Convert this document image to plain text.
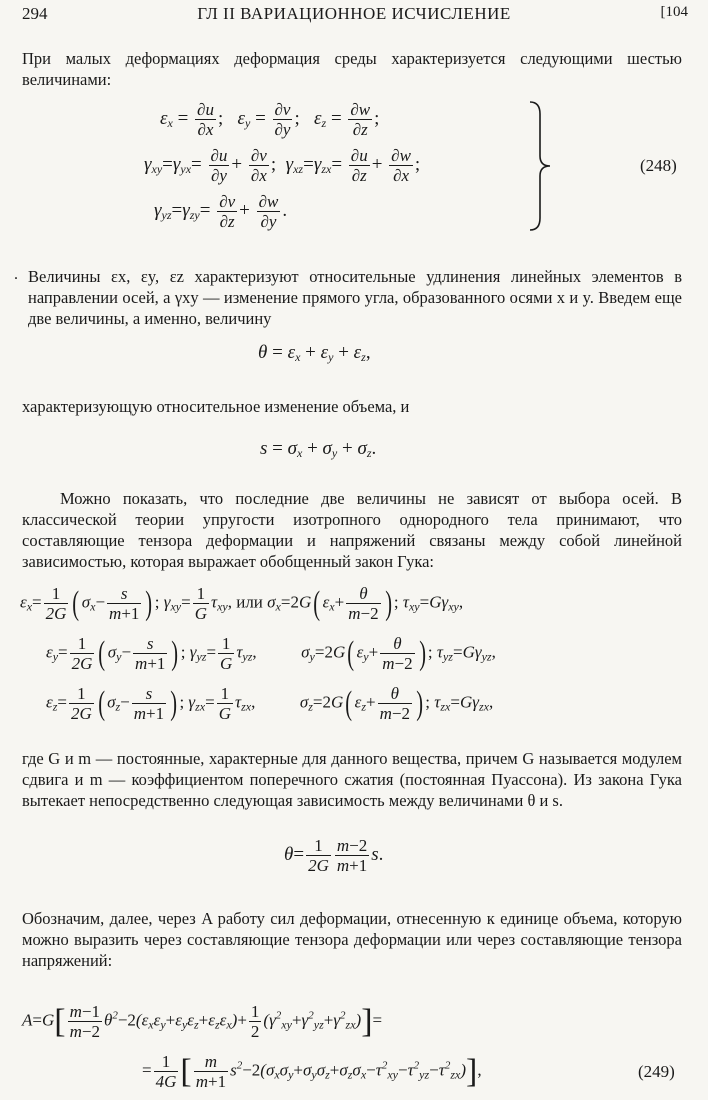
294	ГЛ II ВАРИАЦИОННОЕ ИСЧИСЛЕНИЕ	[104
При малых деформациях деформация среды характеризуется следующими шестью величинами:
$\varepsilon_x = \frac{\partial u}{\partial x}$ ;   $\varepsilon_y = \frac{\partial v}{\partial y}$ ;   $\varepsilon_z = \frac{\partial w}{\partial z}$ ;
$\gamma_{xy}=\gamma_{yx}= \frac{\partial u}{\partial y} + \frac{\partial v}{\partial x}$ ;  $\gamma_{xz}=\gamma_{zx}= \frac{\partial u}{\partial z} + \frac{\partial w}{\partial x}$ ;
$\gamma_{yz}=\gamma_{zy}= \frac{\partial v}{\partial z} + \frac{\partial w}{\partial y}$ .
(248)
. Величины εx, εy, εz характеризуют относительные удлинения линейных элементов в направлении осей, а γxy — изменение прямого угла, образованного осями x и y. Введем еще две величины, а именно, величину
$\theta = \varepsilon_x + \varepsilon_y + \varepsilon_z$,
характеризующую относительное изменение объема, и
$s = \sigma_x + \sigma_y + \sigma_z$.
Можно показать, что последние две величины не зависят от выбора осей. В классической теории упругости изотропного однородного тела принимают, что составляющие тензора деформации и напряжений связаны между собой линейной зависимостью, которая выражает обобщенный закон Гука:
$\varepsilon_x= \frac{1}{2G}$ ( $\sigma_x- \frac{s}{m+1}$ ) ; $\gamma_{xy}= \frac{1}{G} \tau_{xy}$, или $\sigma_x=2G$( $\varepsilon_x+ \frac{\theta}{m-2}$ ) ; $\tau_{xy}=G\gamma_{xy}$,
$\varepsilon_y= \frac{1}{2G}$ ( $\sigma_y- \frac{s}{m+1}$ ) ; $\gamma_{yz}= \frac{1}{G} \tau_{yz}$,  $\sigma_y=2G$( $\varepsilon_y+ \frac{\theta}{m-2}$ ) ; $\tau_{yz}=G\gamma_{yz}$,
$\varepsilon_z= \frac{1}{2G}$ ( $\sigma_z- \frac{s}{m+1}$ ) ; $\gamma_{zx}= \frac{1}{G} \tau_{zx}$,  $\sigma_z=2G$( $\varepsilon_z+ \frac{\theta}{m-2}$ ) ; $\tau_{zx}=G\gamma_{zx}$,
где G и m — постоянные, характерные для данного вещества, причем G называется модулем сдвига и m — коэффициентом поперечного сжатия (постоянная Пуассона). Из закона Гука вытекает непосредственно следующая зависимость между величинами θ и s.
$\theta= \frac{1}{2G} \frac{m-2}{m+1} s$.
Обозначим, далее, через A работу сил деформации, отнесенную к единице объема, которую можно выразить через составляющие тензора деформации или через составляющие тензора напряжений:
$A=G[ \frac{m-1}{m-2} \theta^2-2(\varepsilon_x\varepsilon_y+\varepsilon_y\varepsilon_z+\varepsilon_z\varepsilon_x)+ \frac{1}{2} (\gamma^2_{xy}+\gamma^2_{yz}+\gamma^2_{zx})]=$
= $\frac{1}{4G}$ [ $\frac{m}{m+1} s^2-2(\sigma_x\sigma_y+\sigma_y\sigma_z+\sigma_z\sigma_x-\tau^2_{xy}-\tau^2_{yz}-\tau^2_{zx})$],	(249)
